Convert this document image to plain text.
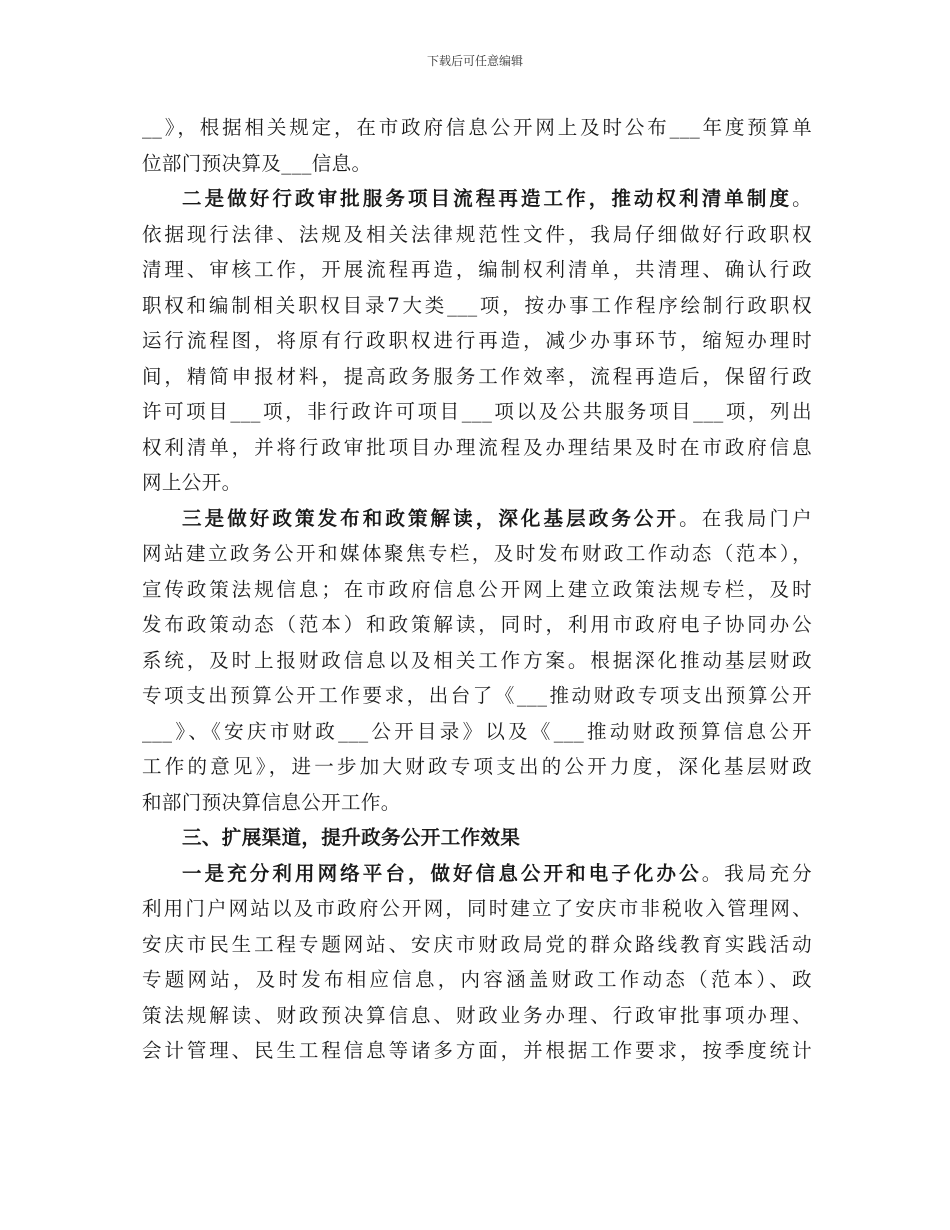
下载后可任意编辑
__》，根据相关规定，在市政府信息公开网上及时公布___年度预算单
位部门预决算及___信息。
二是做好行政审批服务项目流程再造工作，推动权利清单制度。
依据现行法律、法规及相关法律规范性文件，我局仔细做好行政职权
清理、审核工作，开展流程再造，编制权利清单，共清理、确认行政
职权和编制相关职权目录7大类___项，按办事工作程序绘制行政职权
运行流程图，将原有行政职权进行再造，减少办事环节，缩短办理时
间，精简申报材料，提高政务服务工作效率，流程再造后，保留行政
许可项目___项，非行政许可项目___项以及公共服务项目___项，列出
权利清单，并将行政审批项目办理流程及办理结果及时在市政府信息
网上公开。
三是做好政策发布和政策解读，深化基层政务公开。在我局门户
网站建立政务公开和媒体聚焦专栏，及时发布财政工作动态（范本），
宣传政策法规信息；在市政府信息公开网上建立政策法规专栏，及时
发布政策动态（范本）和政策解读，同时，利用市政府电子协同办公
系统，及时上报财政信息以及相关工作方案。根据深化推动基层财政
专项支出预算公开工作要求，出台了《___推动财政专项支出预算公开
___》、《安庆市财政___公开目录》以及《___推动财政预算信息公开
工作的意见》，进一步加大财政专项支出的公开力度，深化基层财政
和部门预决算信息公开工作。
三、扩展渠道，提升政务公开工作效果
一是充分利用网络平台，做好信息公开和电子化办公。我局充分
利用门户网站以及市政府公开网，同时建立了安庆市非税收入管理网、
安庆市民生工程专题网站、安庆市财政局党的群众路线教育实践活动
专题网站，及时发布相应信息，内容涵盖财政工作动态（范本）、政
策法规解读、财政预决算信息、财政业务办理、行政审批事项办理、
会计管理、民生工程信息等诸多方面，并根据工作要求，按季度统计
